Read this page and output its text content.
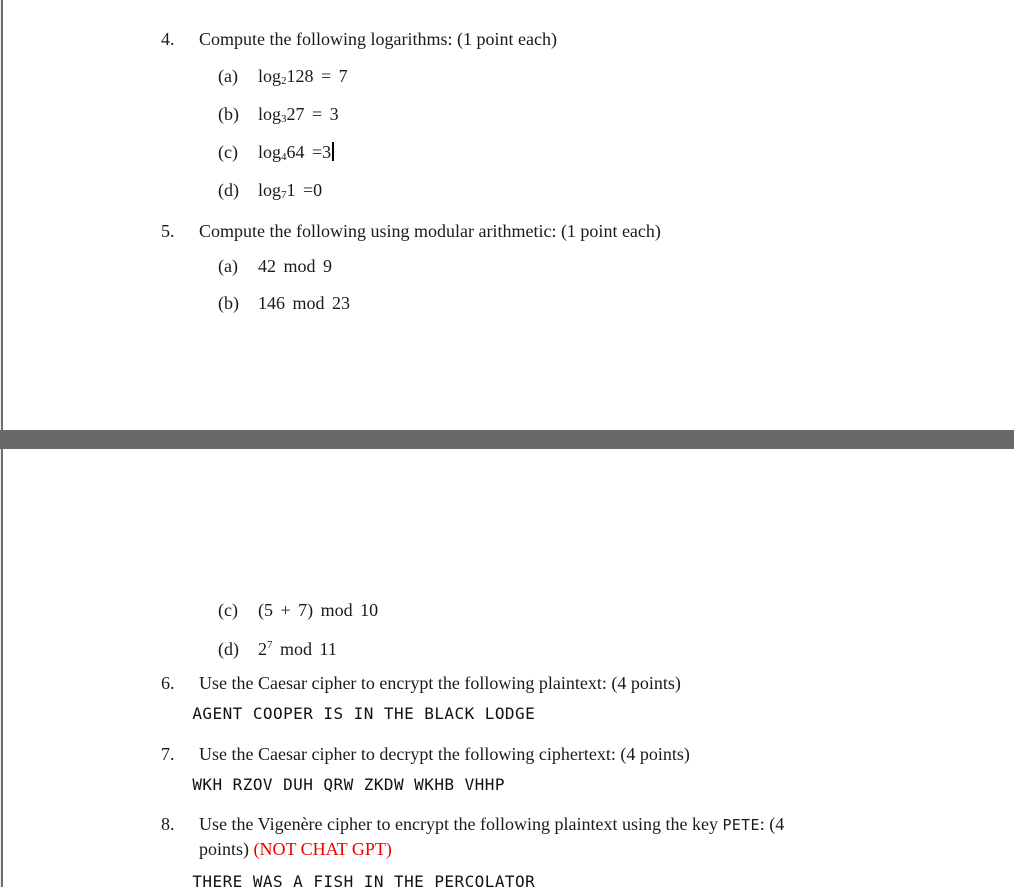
4. Compute the following logarithms: (1 point each)

(a) log2128 = 7

(b) log327 = 3

(c) log464 =3

(d) log71 =0

5. Compute the following using modular arithmetic: (1 point each)

(a) 42 mod 9

(b) 146 mod 23

(c) (5 + 7) mod 10

(d) $2^7$ mod 11

6. Use the Caesar cipher to encrypt the following plaintext: (4 points)

AGENT COOPER IS IN THE BLACK LODGE

7. Use the Caesar cipher to decrypt the following ciphertext: (4 points)

WKH RZOV DUH QRW ZKDW WKHB VHHP

8. Use the Vigenère cipher to encrypt the following plaintext using the key PETE: (4

points) (NOT CHAT GPT)

THERE WAS A FISH IN THE PERCOLATOR
